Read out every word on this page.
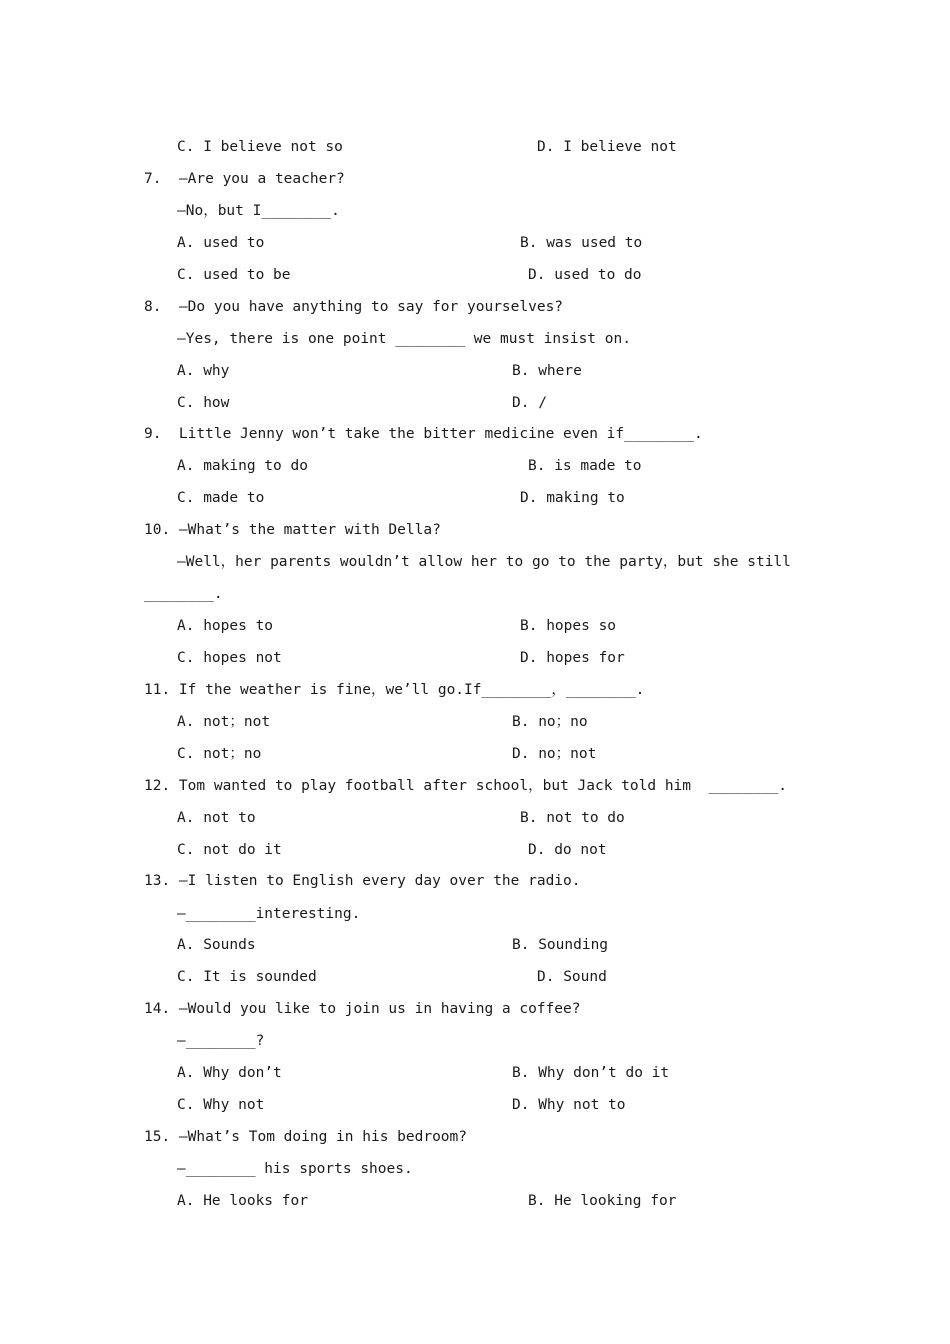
C. I believe not so	D. I believe not
7.  —Are you a teacher?
—No，but I________.
A. used to	B. was used to
C. used to be	D. used to do
8.  —Do you have anything to say for yourselves?
—Yes, there is one point ________ we must insist on.
A. why	B. where
C. how	D. /
9.  Little Jenny won’t take the bitter medicine even if________.
A. making to do	B. is made to
C. made to	D. making to
10. —What’s the matter with Della?
—Well，her parents wouldn’t allow her to go to the party，but she still
________.
A. hopes to	B. hopes so
C. hopes not	D. hopes for
11. If the weather is fine，we’ll go.If________，________.
A. not；not	B. no；no
C. not；no	D. no；not
12. Tom wanted to play football after school，but Jack told him  ________.
A. not to	B. not to do
C. not do it	D. do not
13. —I listen to English every day over the radio.
—________interesting.
A. Sounds	B. Sounding
C. It is sounded	D. Sound
14. —Would you like to join us in having a coffee?
—________?
A. Why don’t	B. Why don’t do it
C. Why not	D. Why not to
15. —What’s Tom doing in his bedroom?
—________ his sports shoes.
A. He looks for	B. He looking for
